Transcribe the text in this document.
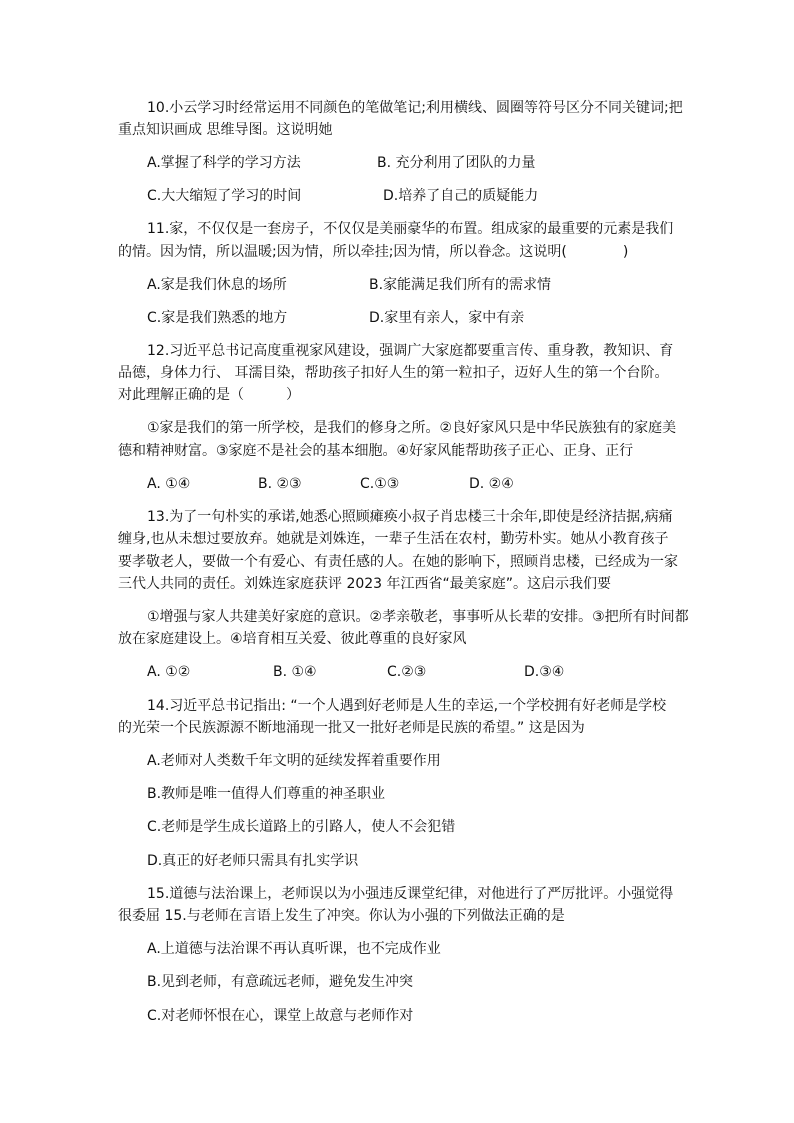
10.小云学习时经常运用不同颜色的笔做笔记;利用横线、圆圈等符号区分不同关键词;把
重点知识画成 思维导图。这说明她
A.掌握了科学的学习方法	B. 充分利用了团队的力量
C.大大缩短了学习的时间	D.培养了自己的质疑能力
11.家，不仅仅是一套房子，不仅仅是美丽豪华的布置。组成家的最重要的元素是我们
的情。因为情，所以温暖;因为情，所以牵挂;因为情，所以眷念。这说明(　　　　)
A.家是我们休息的场所	B.家能满足我们所有的需求情
C.家是我们熟悉的地方	D.家里有亲人，家中有亲
12.习近平总书记高度重视家风建设，强调广大家庭都要重言传、重身教，教知识、育
品德，身体力行、 耳濡目染，帮助孩子扣好人生的第一粒扣子，迈好人生的第一个台阶。
对此理解正确的是（　　　）
①家是我们的第一所学校，是我们的修身之所。②良好家风只是中华民族独有的家庭美
德和精神财富。③家庭不是社会的基本细胞。④好家风能帮助孩子正心、正身、正行
A. ①④	B. ②③	C.①③	D. ②④
13.为了一句朴实的承诺,她悉心照顾瘫痪小叔子肖忠楼三十余年,即使是经济拮据,病痛
缠身,也从未想过要放弃。她就是刘姝连，一辈子生活在农村，勤劳朴实。她从小教育孩子
要孝敬老人，要做一个有爱心、有责任感的人。在她的影响下，照顾肖忠楼，已经成为一家
三代人共同的责任。刘姝连家庭获评 2023 年江西省“最美家庭”。这启示我们要
①增强与家人共建美好家庭的意识。②孝亲敬老，事事听从长辈的安排。③把所有时间都
放在家庭建设上。④培育相互关爱、彼此尊重的良好家风
A. ①②	B. ①④	C.②③	D.③④
14.习近平总书记指出: “一个人遇到好老师是人生的幸运,一个学校拥有好老师是学校
的光荣一个民族源源不断地涌现一批又一批好老师是民族的希望。” 这是因为
A.老师对人类数千年文明的延续发挥着重要作用
B.教师是唯一值得人们尊重的神圣职业
C.老师是学生成长道路上的引路人，使人不会犯错
D.真正的好老师只需具有扎实学识
15.道德与法治课上，老师误以为小强违反课堂纪律，对他进行了严厉批评。小强觉得
很委屈 15.与老师在言语上发生了冲突。你认为小强的下列做法正确的是
A.上道德与法治课不再认真听课，也不完成作业
B.见到老师，有意疏远老师，避免发生冲突
C.对老师怀恨在心，课堂上故意与老师作对
